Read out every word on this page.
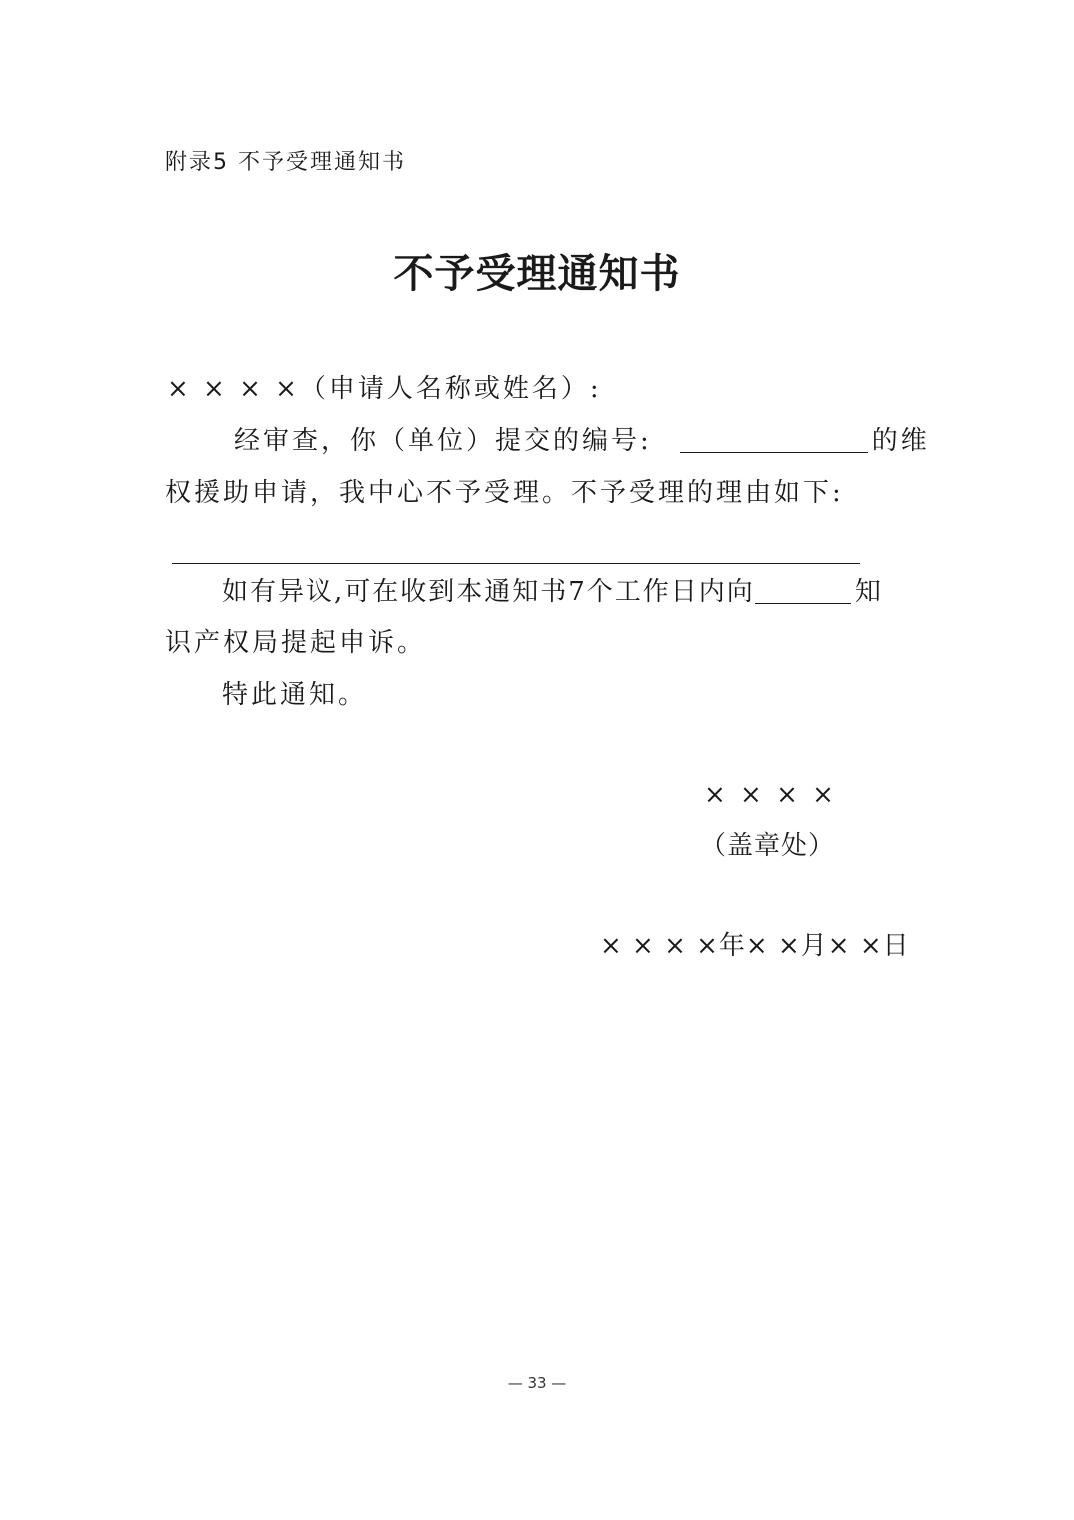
附录5 不予受理通知书
不予受理通知书
× × × ×（申请人名称或姓名）:
经审查，你（单位）提交的编号:	的维
权援助申请，我中心不予受理。不予受理的理由如下:
如有异议,可在收到本通知书7个工作日内向	知
识产权局提起申诉。
特此通知。
× × × ×
（盖章处）
× × × ×年× ×月× ×日
— 33 —
